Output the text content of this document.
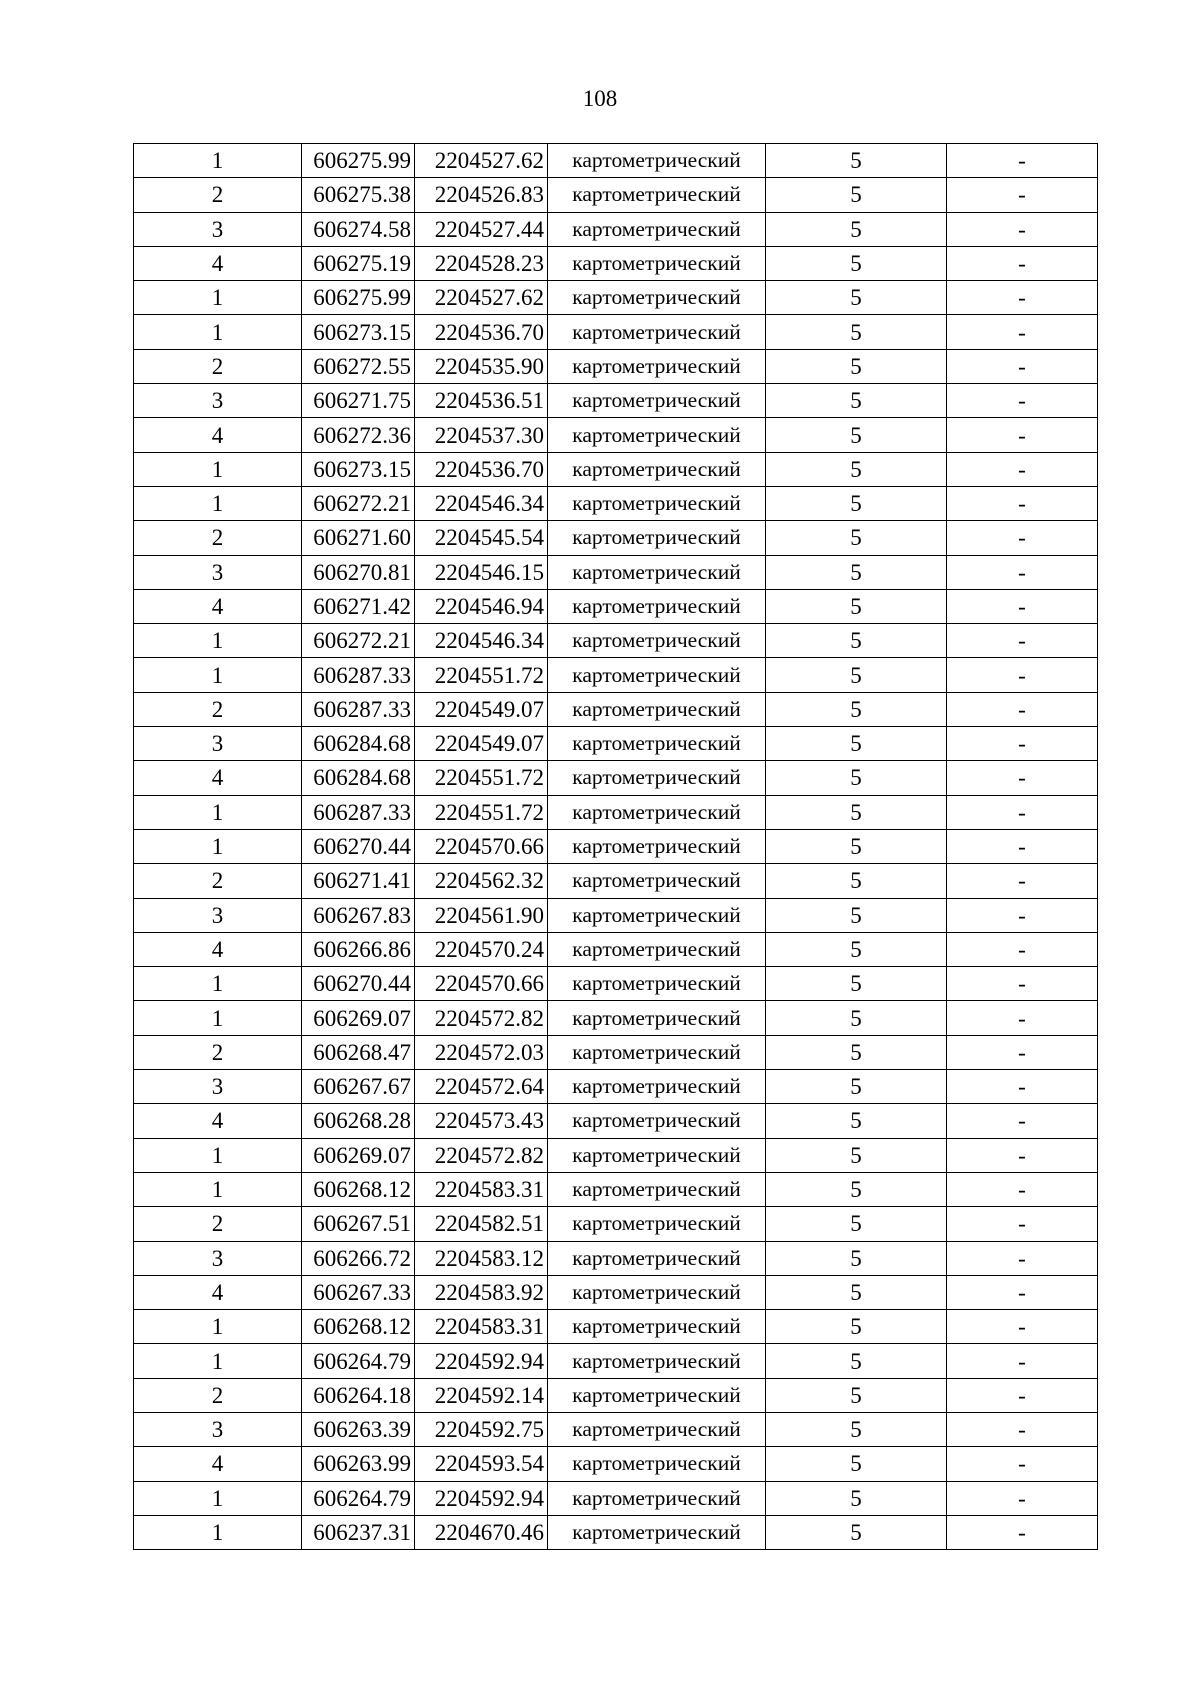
108
1	606275.99	2204527.62	картометрический	5	-
2	606275.38	2204526.83	картометрический	5	-
3	606274.58	2204527.44	картометрический	5	-
4	606275.19	2204528.23	картометрический	5	-
1	606275.99	2204527.62	картометрический	5	-
1	606273.15	2204536.70	картометрический	5	-
2	606272.55	2204535.90	картометрический	5	-
3	606271.75	2204536.51	картометрический	5	-
4	606272.36	2204537.30	картометрический	5	-
1	606273.15	2204536.70	картометрический	5	-
1	606272.21	2204546.34	картометрический	5	-
2	606271.60	2204545.54	картометрический	5	-
3	606270.81	2204546.15	картометрический	5	-
4	606271.42	2204546.94	картометрический	5	-
1	606272.21	2204546.34	картометрический	5	-
1	606287.33	2204551.72	картометрический	5	-
2	606287.33	2204549.07	картометрический	5	-
3	606284.68	2204549.07	картометрический	5	-
4	606284.68	2204551.72	картометрический	5	-
1	606287.33	2204551.72	картометрический	5	-
1	606270.44	2204570.66	картометрический	5	-
2	606271.41	2204562.32	картометрический	5	-
3	606267.83	2204561.90	картометрический	5	-
4	606266.86	2204570.24	картометрический	5	-
1	606270.44	2204570.66	картометрический	5	-
1	606269.07	2204572.82	картометрический	5	-
2	606268.47	2204572.03	картометрический	5	-
3	606267.67	2204572.64	картометрический	5	-
4	606268.28	2204573.43	картометрический	5	-
1	606269.07	2204572.82	картометрический	5	-
1	606268.12	2204583.31	картометрический	5	-
2	606267.51	2204582.51	картометрический	5	-
3	606266.72	2204583.12	картометрический	5	-
4	606267.33	2204583.92	картометрический	5	-
1	606268.12	2204583.31	картометрический	5	-
1	606264.79	2204592.94	картометрический	5	-
2	606264.18	2204592.14	картометрический	5	-
3	606263.39	2204592.75	картометрический	5	-
4	606263.99	2204593.54	картометрический	5	-
1	606264.79	2204592.94	картометрический	5	-
1	606237.31	2204670.46	картометрический	5	-
